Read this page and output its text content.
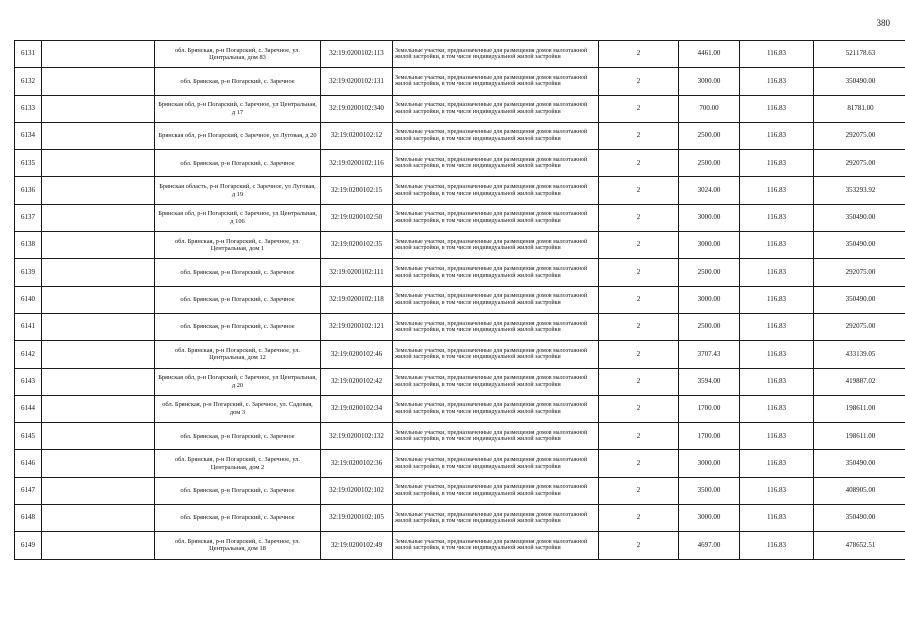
380
6131		обл. Брянская, р-н Погарский, с. Заречное, ул. Центральная, дом 83	32:19:0200102:113	Земельные участки, предназначенные для размещения домов малоэтажной жилой застройки, в том числе индивидуальной жилой застройки	2	4461.00	116.83	521178.63
6132		обл. Брянская, р-н Погарский, с. Заречное	32:19:0200102:131	Земельные участки, предназначенные для размещения домов малоэтажной жилой застройки, в том числе индивидуальной жилой застройки	2	3000.00	116.83	350490.00
6133		Брянская обл, р-н Погарский, с Заречное, ул Центральная, д 17	32:19:0200102:340	Земельные участки, предназначенные для размещения домов малоэтажной жилой застройки, в том числе индивидуальной жилой застройки	2	700.00	116.83	81781.00
6134		Брянская обл, р-н Погарский, с Заречное, ул Луговая, д 20	32:19:0200102:12	Земельные участки, предназначенные для размещения домов малоэтажной жилой застройки, в том числе индивидуальной жилой застройки	2	2500.00	116.83	292075.00
6135		обл. Брянская, р-н Погарский, с. Заречное	32:19:0200102:116	Земельные участки, предназначенные для размещения домов малоэтажной жилой застройки, в том числе индивидуальной жилой застройки	2	2500.00	116.83	292075.00
6136		Брянская область, р-н Погарский, с Заречное, ул Луговая, д 19	32:19:0200102:15	Земельные участки, предназначенные для размещения домов малоэтажной жилой застройки, в том числе индивидуальной жилой застройки	2	3024.00	116.83	353293.92
6137		Брянская обл, р-н Погарский, с Заречное, ул Центральная, д 106	32:19:0200102:50	Земельные участки, предназначенные для размещения домов малоэтажной жилой застройки, в том числе индивидуальной жилой застройки	2	3000.00	116.83	350490.00
6138		обл. Брянская, р-н Погарский, с. Заречное, ул. Центральная, дом 1	32:19:0200102:35	Земельные участки, предназначенные для размещения домов малоэтажной жилой застройки, в том числе индивидуальной жилой застройки	2	3000.00	116.83	350490.00
6139		обл. Брянская, р-н Погарский, с. Заречное	32:19:0200102:111	Земельные участки, предназначенные для размещения домов малоэтажной жилой застройки, в том числе индивидуальной жилой застройки	2	2500.00	116.83	292075.00
6140		обл. Брянская, р-н Погарский, с. Заречное	32:19:0200102:118	Земельные участки, предназначенные для размещения домов малоэтажной жилой застройки, в том числе индивидуальной жилой застройки	2	3000.00	116.83	350490.00
6141		обл. Брянская, р-н Погарский, с. Заречное	32:19:0200102:121	Земельные участки, предназначенные для размещения домов малоэтажной жилой застройки, в том числе индивидуальной жилой застройки	2	2500.00	116.83	292075.00
6142		обл. Брянская, р-н Погарский, с. Заречное, ул. Центральная, дом 12	32:19:0200102:46	Земельные участки, предназначенные для размещения домов малоэтажной жилой застройки, в том числе индивидуальной жилой застройки	2	3707.43	116.83	433139.05
6143		Брянская обл, р-н Погарский, с Заречное, ул Центральная, д 20	32:19:0200102:42	Земельные участки, предназначенные для размещения домов малоэтажной жилой застройки, в том числе индивидуальной жилой застройки	2	3594.00	116.83	419887.02
6144		обл. Брянская, р-н Погарский, с. Заречное, ул. Садовая, дом 3	32:19:0200102:34	Земельные участки, предназначенные для размещения домов малоэтажной жилой застройки, в том числе индивидуальной жилой застройки	2	1700.00	116.83	198611.00
6145		обл. Брянская, р-н Погарский, с. Заречное	32:19:0200102:132	Земельные участки, предназначенные для размещения домов малоэтажной жилой застройки, в том числе индивидуальной жилой застройки	2	1700.00	116.83	198611.00
6146		обл. Брянская, р-н Погарский, с. Заречное, ул. Центральная, дом 2	32:19:0200102:36	Земельные участки, предназначенные для размещения домов малоэтажной жилой застройки, в том числе индивидуальной жилой застройки	2	3000.00	116.83	350490.00
6147		обл. Брянская, р-н Погарский, с. Заречное	32:19:0200102:102	Земельные участки, предназначенные для размещения домов малоэтажной жилой застройки, в том числе индивидуальной жилой застройки	2	3500.00	116.83	408905.00
6148		обл. Брянская, р-н Погарский, с. Заречное	32:19:0200102:105	Земельные участки, предназначенные для размещения домов малоэтажной жилой застройки, в том числе индивидуальной жилой застройки	2	3000.00	116.83	350490.00
6149		обл. Брянская, р-н Погарский, с. Заречное, ул. Центральная, дом 18	32:19:0200102:49	Земельные участки, предназначенные для размещения домов малоэтажной жилой застройки, в том числе индивидуальной жилой застройки	2	4697.00	116.83	478652.51
